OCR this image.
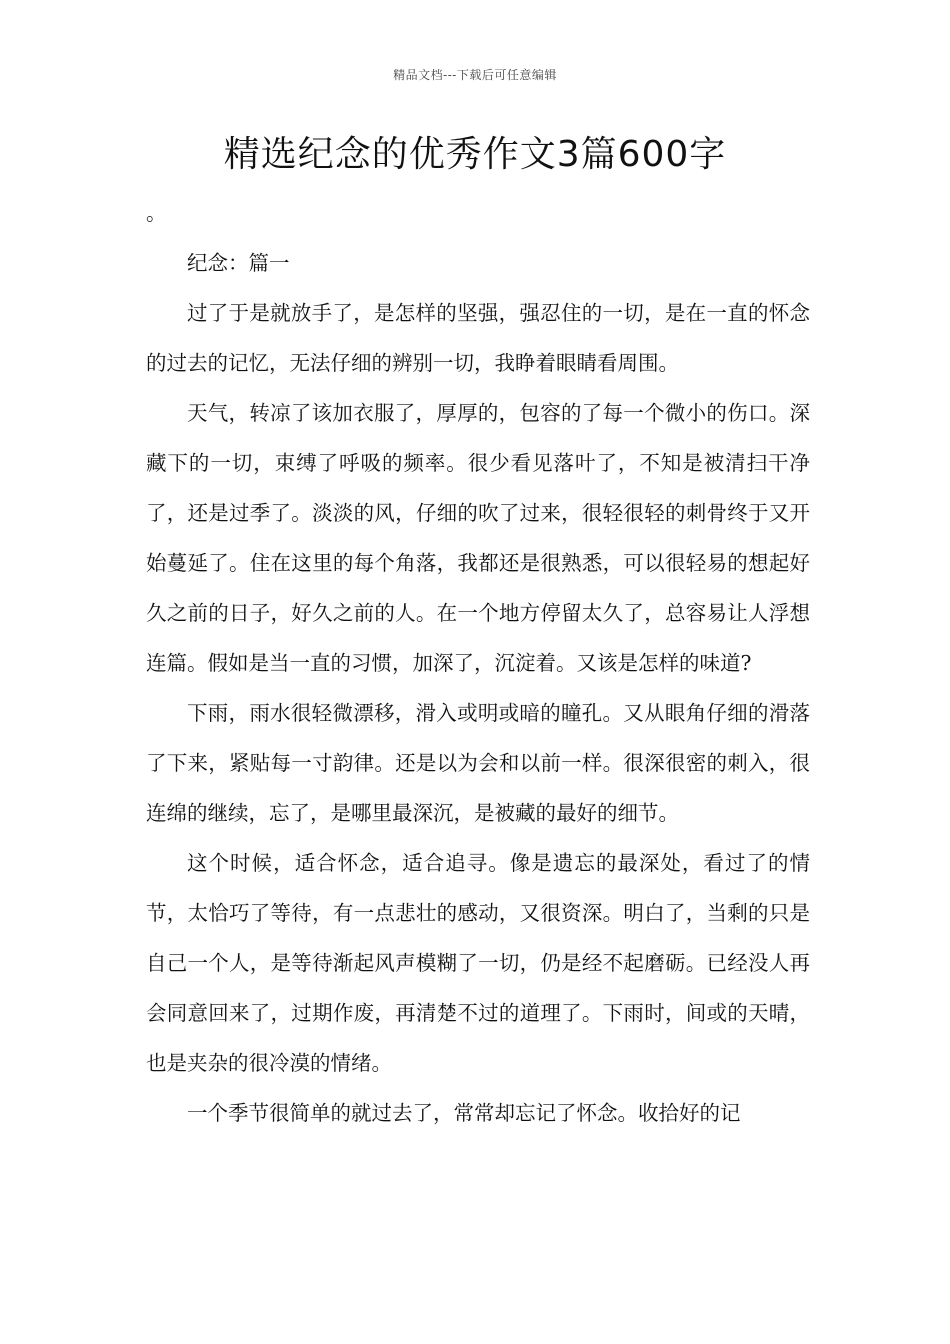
精品文档---下载后可任意编辑
精选纪念的优秀作文3篇600字

。

纪念：篇一

过了于是就放手了，是怎样的坚强，强忍住的一切，是在一直的怀念的过去的记忆，无法仔细的辨别一切，我睁着眼睛看周围。

天气，转凉了该加衣服了，厚厚的，包容的了每一个微小的伤口。深藏下的一切，束缚了呼吸的频率。很少看见落叶了，不知是被清扫干净了，还是过季了。淡淡的风，仔细的吹了过来，很轻很轻的刺骨终于又开始蔓延了。住在这里的每个角落，我都还是很熟悉，可以很轻易的想起好久之前的日子，好久之前的人。在一个地方停留太久了，总容易让人浮想连篇。假如是当一直的习惯，加深了，沉淀着。又该是怎样的味道?

下雨，雨水很轻微漂移，滑入或明或暗的瞳孔。又从眼角仔细的滑落了下来，紧贴每一寸韵律。还是以为会和以前一样。很深很密的刺入，很连绵的继续，忘了，是哪里最深沉，是被藏的最好的细节。

这个时候，适合怀念，适合追寻。像是遗忘的最深处，看过了的情节，太恰巧了等待，有一点悲壮的感动，又很资深。明白了，当剩的只是自己一个人，是等待渐起风声模糊了一切，仍是经不起磨砺。已经没人再会同意回来了，过期作废，再清楚不过的道理了。下雨时，间或的天晴，也是夹杂的很冷漠的情绪。

一个季节很简单的就过去了，常常却忘记了怀念。收拾好的记
